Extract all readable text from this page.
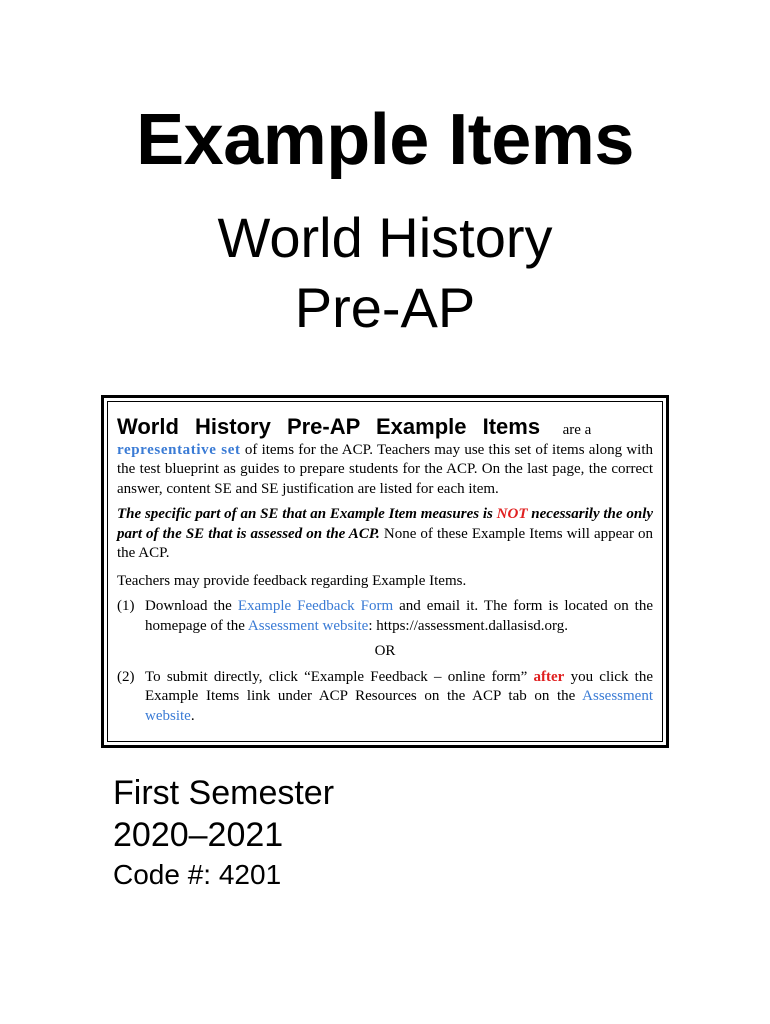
Example Items
World History
Pre-AP

World History Pre-AP Example Items are a
representative set of items for the ACP. Teachers may use this set of items along with the test blueprint as guides to prepare students for the ACP. On the last page, the correct answer, content SE and SE justification are listed for each item.

The specific part of an SE that an Example Item measures is NOT necessarily the only part of the SE that is assessed on the ACP. None of these Example Items will appear on the ACP.

Teachers may provide feedback regarding Example Items.

(1) Download the Example Feedback Form and email it. The form is located on the homepage of the Assessment website: https://assessment.dallasisd.org.

OR

(2) To submit directly, click “Example Feedback – online form” after you click the Example Items link under ACP Resources on the ACP tab on the Assessment website.
First Semester
2020–2021
Code #: 4201
